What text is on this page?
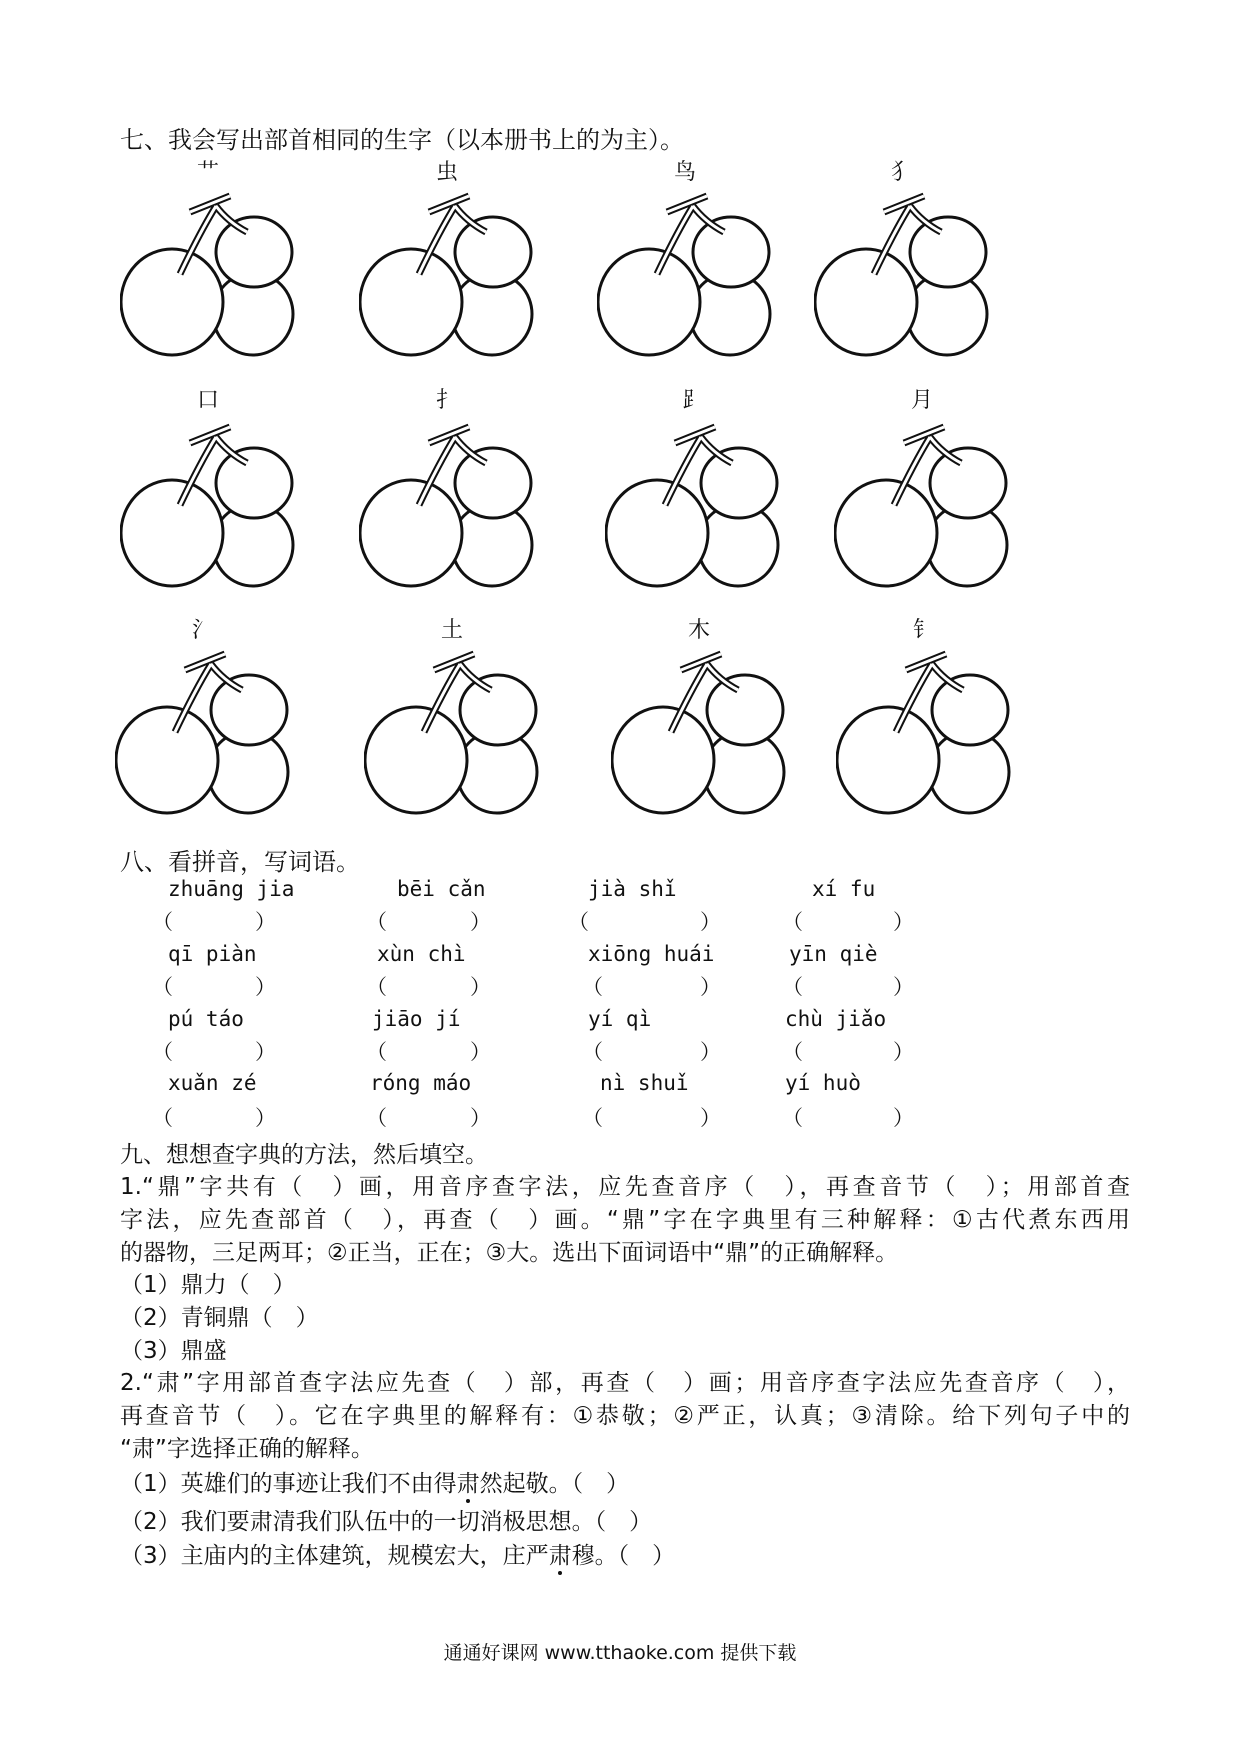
七、我会写出部首相同的生字（以本册书上的为主）。
艹	虫	鸟	犭
口	扌	⻊	月
氵	土	木	钅
八、看拼音，写词语。
zhuāng jia
（	）
bēi cǎn
（	）
jià shǐ
（	）
xí fu
（	）
qī piàn
（	）
xùn chì
（	）
xiōng huái
（	）
yīn qiè
（	）
pú táo
（	）
jiāo jí
（	）
yí qì
（	）
chù jiǎo
（	）
xuǎn zé
（	）
róng máo
（	）
nì shuǐ
（	）
yí huò
（	）
九、想想查字典的方法，然后填空。
1.“鼎”字共有（　）画，用音序查字法，应先查音序（　），再查音节（　）；用部首查
字法，应先查部首（　），再查（　）画。“鼎”字在字典里有三种解释：①古代煮东西用
的器物，三足两耳；②正当，正在；③大。选出下面词语中“鼎”的正确解释。
（1）鼎力（　）
（2）青铜鼎（　）
（3）鼎盛
2.“肃”字用部首查字法应先查（　）部，再查（　）画；用音序查字法应先查音序（　），
再查音节（　）。它在字典里的解释有：①恭敬；②严正，认真；③清除。给下列句子中的
“肃”字选择正确的解释。
（1）英雄们的事迹让我们不由得肃然起敬。（　）
（2）我们要肃清我们队伍中的一切消极思想。（　）
（3）主庙内的主体建筑，规模宏大，庄严肃穆。（　）
通通好课网 www.tthaoke.com 提供下载
